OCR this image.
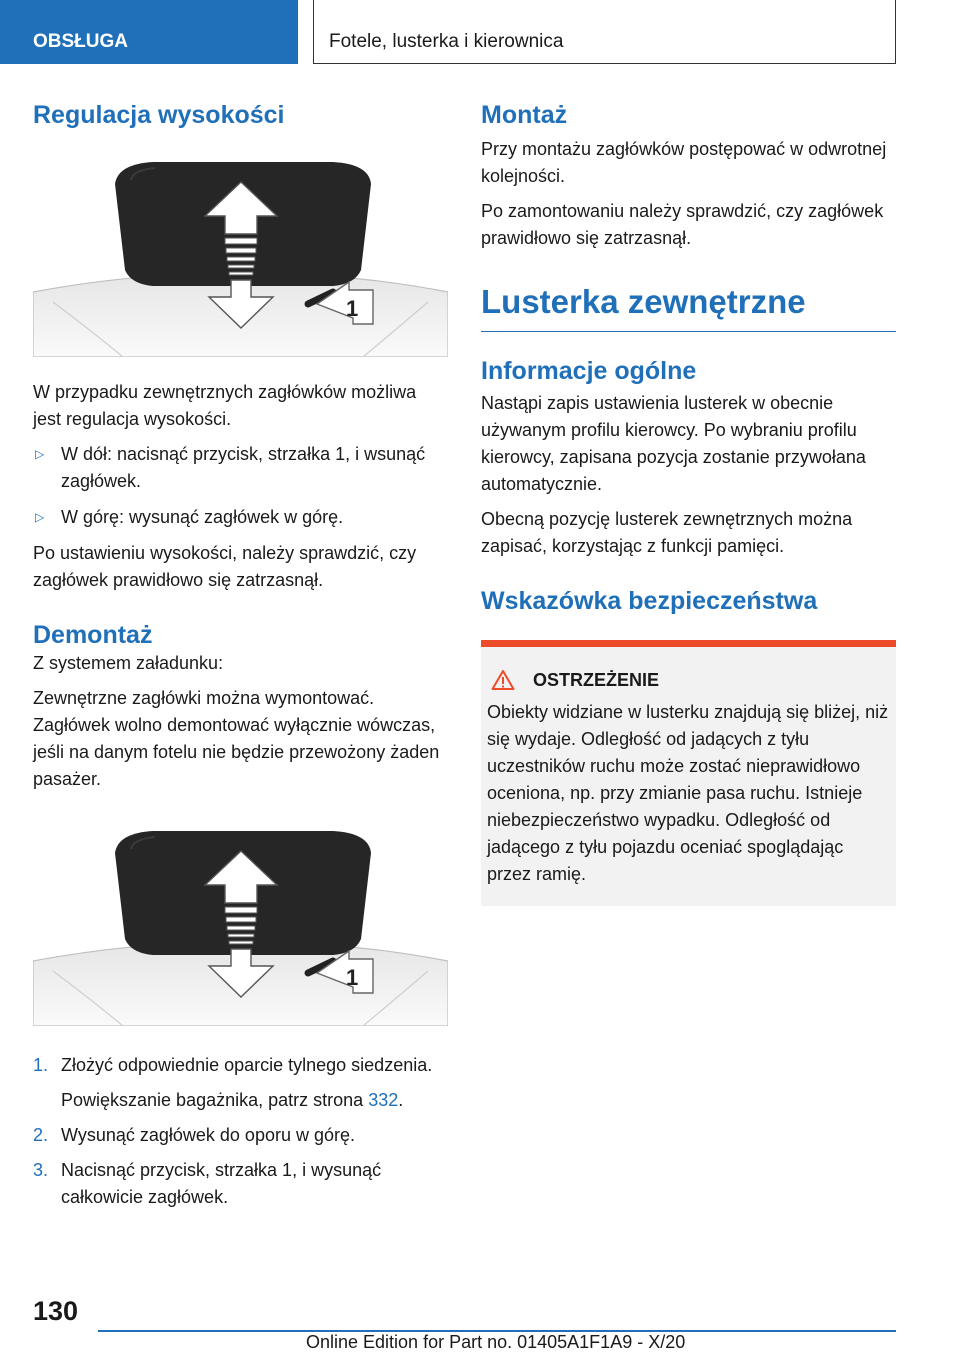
OBSŁUGA	Fotele, lusterka i kierownica
Regulacja wysokości
1

W przypadku zewnętrznych zagłówków możliwa jest regulacja wysokości.

▷ W dół: nacisnąć przycisk, strzałka 1, i wsunąć zagłówek.
▷ W górę: wysunąć zagłówek w górę.

Po ustawieniu wysokości, należy sprawdzić, czy zagłówek prawidłowo się zatrzasnął.

Demontaż

Z systemem załadunku:

Zewnętrzne zagłówki można wymontować. Zagłówek wolno demontować wyłącznie wówczas, jeśli na danym fotelu nie będzie przewożony żaden pasażer.

1
1. Złożyć odpowiednie oparcie tylnego siedzenia.
Powiększanie bagażnika, patrz strona 332.
2. Wysunąć zagłówek do oporu w górę.
3. Nacisnąć przycisk, strzałka 1, i wysunąć całkowicie zagłówek.
Montaż

Przy montażu zagłówków postępować w odwrotnej kolejności.

Po zamontowaniu należy sprawdzić, czy zagłówek prawidłowo się zatrzasnął.

Lusterka zewnętrzne
Informacje ogólne

Nastąpi zapis ustawienia lusterek w obecnie używanym profilu kierowcy. Po wybraniu profilu kierowcy, zapisana pozycja zostanie przywołana automatycznie.

Obecną pozycję lusterek zewnętrznych można zapisać, korzystając z funkcji pamięci.

Wskazówka bezpieczeństwa
OSTRZEŻENIE

Obiekty widziane w lusterku znajdują się bliżej, niż się wydaje. Odległość od jadących z tyłu uczestników ruchu może zostać nieprawidłowo oceniona, np. przy zmianie pasa ruchu. Istnieje niebezpieczeństwo wypadku. Odległość od jadącego z tyłu pojazdu oceniać spoglądając przez ramię.

130
Online Edition for Part no. 01405A1F1A9 - X/20
